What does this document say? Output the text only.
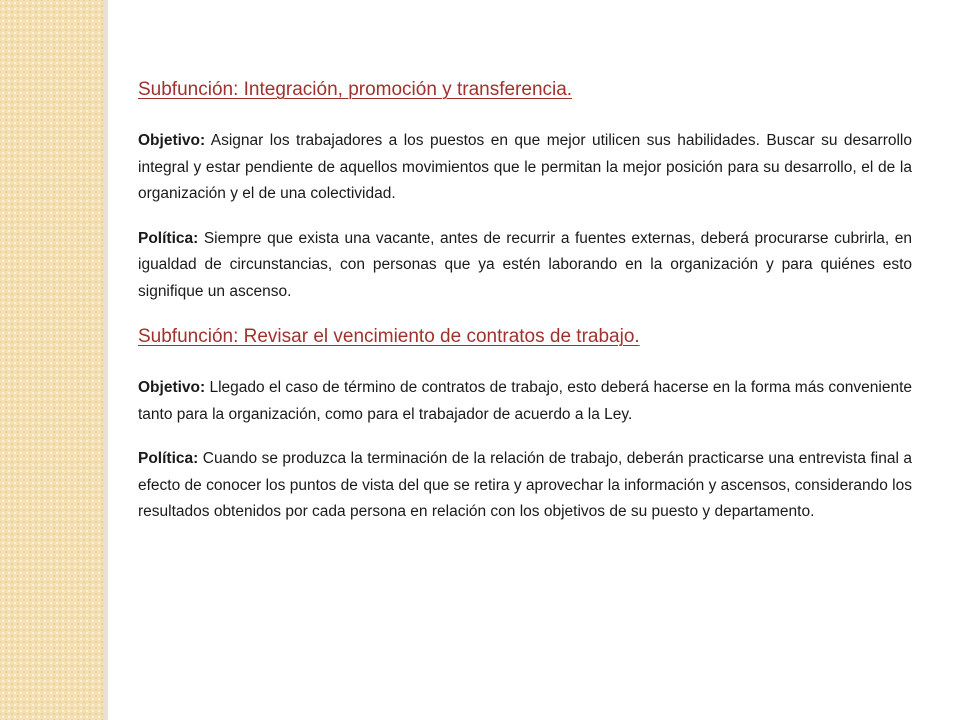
Subfunción: Integración, promoción y transferencia.

Objetivo: Asignar los trabajadores a los puestos en que mejor utilicen sus habilidades. Buscar su desarrollo integral y estar pendiente de aquellos movimientos que le permitan la mejor posición para su desarrollo, el de la organización y el de una colectividad.

Política: Siempre que exista una vacante, antes de recurrir a fuentes externas, deberá procurarse cubrirla, en igualdad de circunstancias, con personas que ya estén laborando en la organización y para quiénes esto signifique un ascenso.

Subfunción: Revisar el vencimiento de contratos de trabajo.

Objetivo: Llegado el caso de término de contratos de trabajo, esto deberá hacerse en la forma más conveniente tanto para la organización, como para el trabajador de acuerdo a la Ley.

Política: Cuando se produzca la terminación de la relación de trabajo, deberán practicarse una entrevista final a efecto de conocer los puntos de vista del que se retira y aprovechar la información y ascensos, considerando los resultados obtenidos por cada persona en relación con los objetivos de su puesto y departamento.
